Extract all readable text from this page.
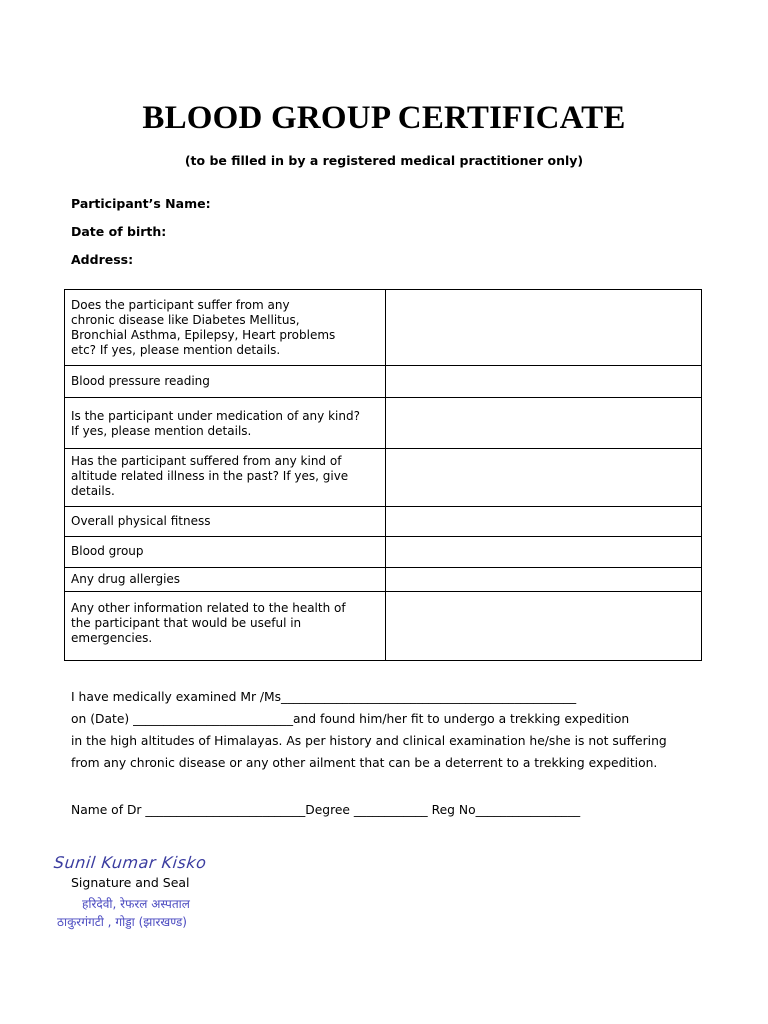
BLOOD GROUP CERTIFICATE
(to be filled in by a registered medical practitioner only)
Participant’s Name:
Date of birth:
Address:
Does the participant suffer from any
chronic disease like Diabetes Mellitus,
Bronchial Asthma, Epilepsy, Heart problems
etc? If yes, please mention details.	

Blood pressure reading	

Is the participant under medication of any kind?
If yes, please mention details.	

Has the participant suffered from any kind of
altitude related illness in the past? If yes, give
details.	

Overall physical fitness	

Blood group	

Any drug allergies	

Any other information related to the health of
the participant that would be useful in
emergencies.	

I have medically examined Mr /Ms________________________________________________
on (Date) __________________________and found him/her fit to undergo a trekking expedition
in the high altitudes of Himalayas. As per history and clinical examination he/she is not suffering
from any chronic disease or any other ailment that can be a deterrent to a trekking expedition.
Name of Dr __________________________Degree ____________ Reg No_________________
Sunil Kumar Kisko
Signature and Seal
हरिदेवी, रेफरल अस्पताल
ठाकुरगंगटी , गोड्डा (झारखण्ड)
